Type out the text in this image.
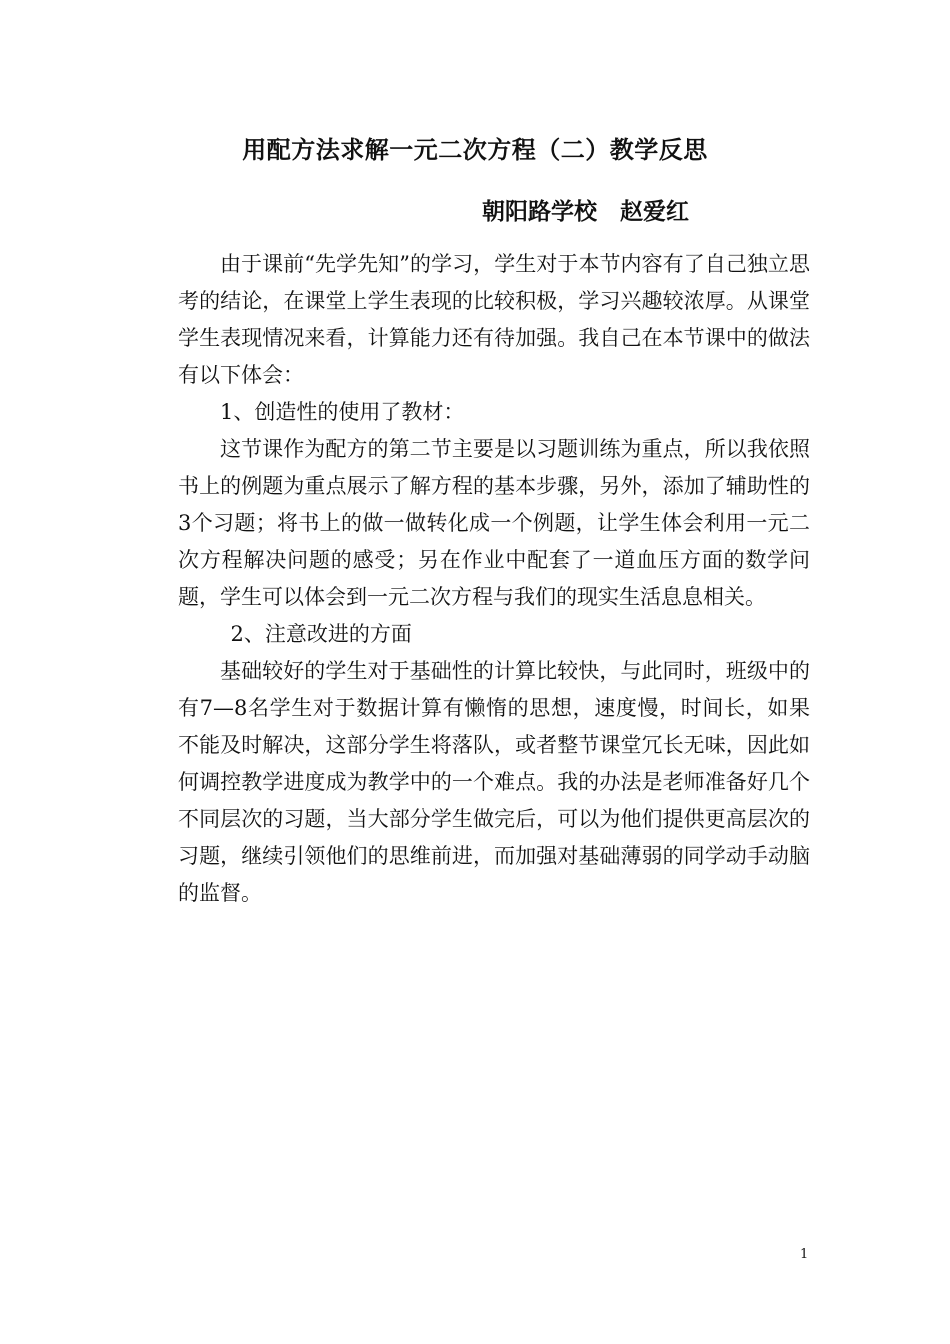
用配方法求解一元二次方程（二）教学反思
朝阳路学校　赵爱红

由于课前“先学先知”的学习，学生对于本节内容有了自己独立思考的结论，在课堂上学生表现的比较积极，学习兴趣较浓厚。从课堂学生表现情况来看，计算能力还有待加强。我自己在本节课中的做法有以下体会：

1、创造性的使用了教材：

这节课作为配方的第二节主要是以习题训练为重点，所以我依照书上的例题为重点展示了解方程的基本步骤，另外，添加了辅助性的3个习题；将书上的做一做转化成一个例题，让学生体会利用一元二次方程解决问题的感受；另在作业中配套了一道血压方面的数学问题，学生可以体会到一元二次方程与我们的现实生活息息相关。

2、注意改进的方面

基础较好的学生对于基础性的计算比较快，与此同时，班级中的有7—8名学生对于数据计算有懒惰的思想，速度慢，时间长，如果不能及时解决，这部分学生将落队，或者整节课堂冗长无味，因此如何调控教学进度成为教学中的一个难点。我的办法是老师准备好几个不同层次的习题，当大部分学生做完后，可以为他们提供更高层次的习题，继续引领他们的思维前进，而加强对基础薄弱的同学动手动脑的监督。

1
